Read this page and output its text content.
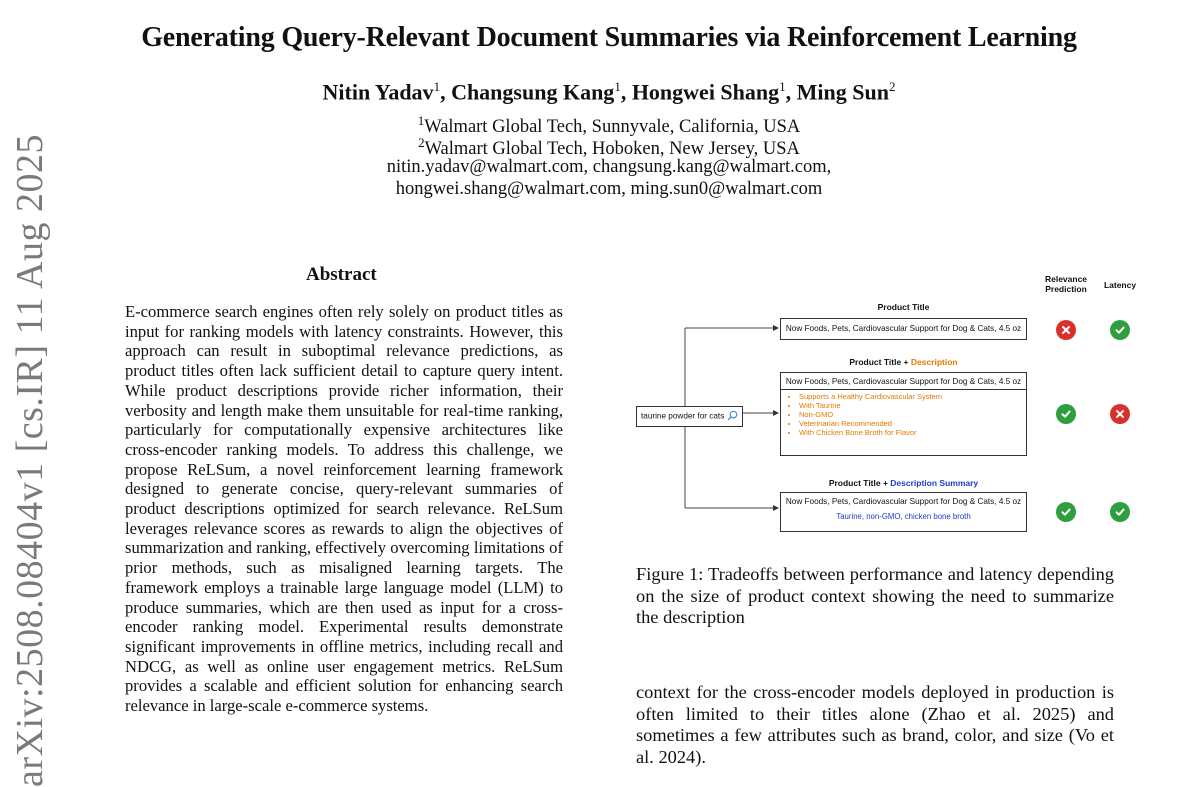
Generating Query-Relevant Document Summaries via Reinforcement Learning
Nitin Yadav$^1$, Changsung Kang$^1$, Hongwei Shang$^1$, Ming Sun$^2$
$^1$Walmart Global Tech, Sunnyvale, California, USA
$^2$Walmart Global Tech, Hoboken, New Jersey, USA
nitin.yadav@walmart.com, changsung.kang@walmart.com,
hongwei.shang@walmart.com, ming.sun0@walmart.com
arXiv:2508.08404v1 [cs.IR] 11 Aug 2025	Abstract
E-commerce search engines often rely solely on product titles as input for ranking models with latency constraints. However, this approach can result in suboptimal relevance predictions, as product titles often lack sufficient detail to capture query intent. While product descriptions provide richer information, their verbosity and length make them unsuitable for real-time ranking, particularly for computationally expensive architectures like cross-encoder ranking models. To address this challenge, we propose ReLSum, a novel reinforcement learning framework designed to generate concise, query-relevant summaries of product descriptions optimized for search relevance. ReLSum leverages relevance scores as rewards to align the objectives of summarization and ranking, effectively overcoming limitations of prior methods, such as misaligned learning targets. The framework employs a trainable large language model (LLM) to produce summaries, which are then used as input for a cross-encoder ranking model. Experimental results demonstrate significant improvements in offline metrics, including recall and NDCG, as well as online user engagement metrics. ReLSum provides a scalable and efficient solution for enhancing search relevance in large-scale e-commerce systems.
taurine powder for cats
Relevance Prediction	Latency
Product Title
Now Foods, Pets, Cardiovascular Support for Dog & Cats, 4.5 oz
Product Title + Description
Now Foods, Pets, Cardiovascular Support for Dog & Cats, 4.5 oz
• Supports a Healthy Cardiovascular System
• With Taurine
• Non-GMO
• Veterinarian Recommended
• With Chicken Bone Broth for Flavor
Product Title + Description Summary
Now Foods, Pets, Cardiovascular Support for Dog & Cats, 4.5 oz
Taurine, non-GMO, chicken bone broth
Figure 1: Tradeoffs between performance and latency depending on the size of product context showing the need to summarize the description
context for the cross-encoder models deployed in production is often limited to their titles alone (Zhao et al. 2025) and sometimes a few attributes such as brand, color, and size (Vo et al. 2024).
